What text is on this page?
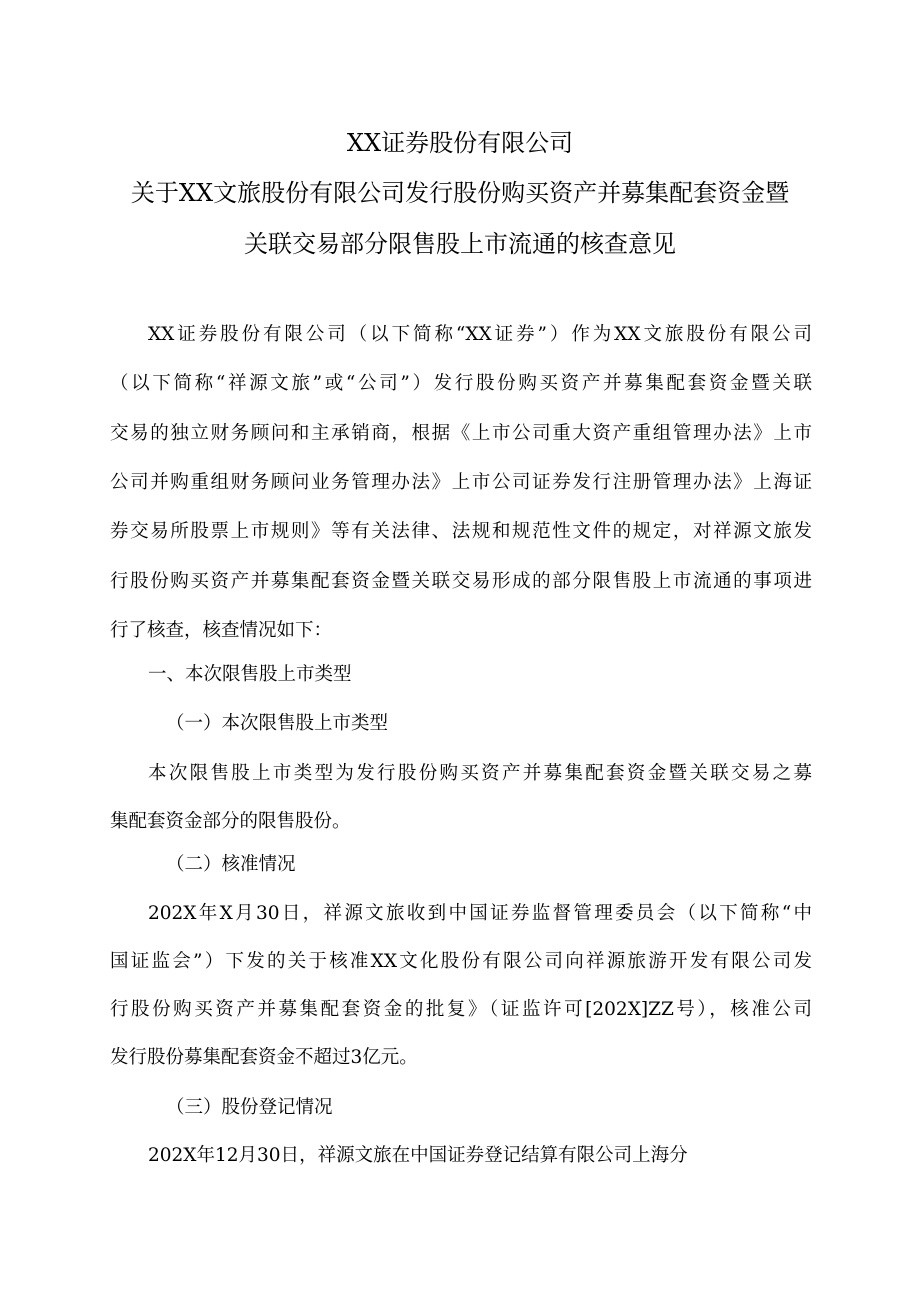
XX证券股份有限公司
关于XX文旅股份有限公司发行股份购买资产并募集配套资金暨
关联交易部分限售股上市流通的核查意见
XX证券股份有限公司（以下简称“XX证券”）作为XX文旅股份有限公司
（以下简称“祥源文旅”或“公司”）发行股份购买资产并募集配套资金暨关联
交易的独立财务顾问和主承销商，根据《上市公司重大资产重组管理办法》上市
公司并购重组财务顾问业务管理办法》上市公司证券发行注册管理办法》上海证
券交易所股票上市规则》等有关法律、法规和规范性文件的规定，对祥源文旅发
行股份购买资产并募集配套资金暨关联交易形成的部分限售股上市流通的事项进
行了核查，核查情况如下：
一、本次限售股上市类型
（一）本次限售股上市类型
本次限售股上市类型为发行股份购买资产并募集配套资金暨关联交易之募
集配套资金部分的限售股份。
（二）核准情况
202X年X月30日，祥源文旅收到中国证券监督管理委员会（以下简称“中
国证监会”）下发的关于核准XX文化股份有限公司向祥源旅游开发有限公司发
行股份购买资产并募集配套资金的批复》（证监许可[202X]ZZ号），核准公司
发行股份募集配套资金不超过3亿元。
（三）股份登记情况
202X年12月30日，祥源文旅在中国证券登记结算有限公司上海分
